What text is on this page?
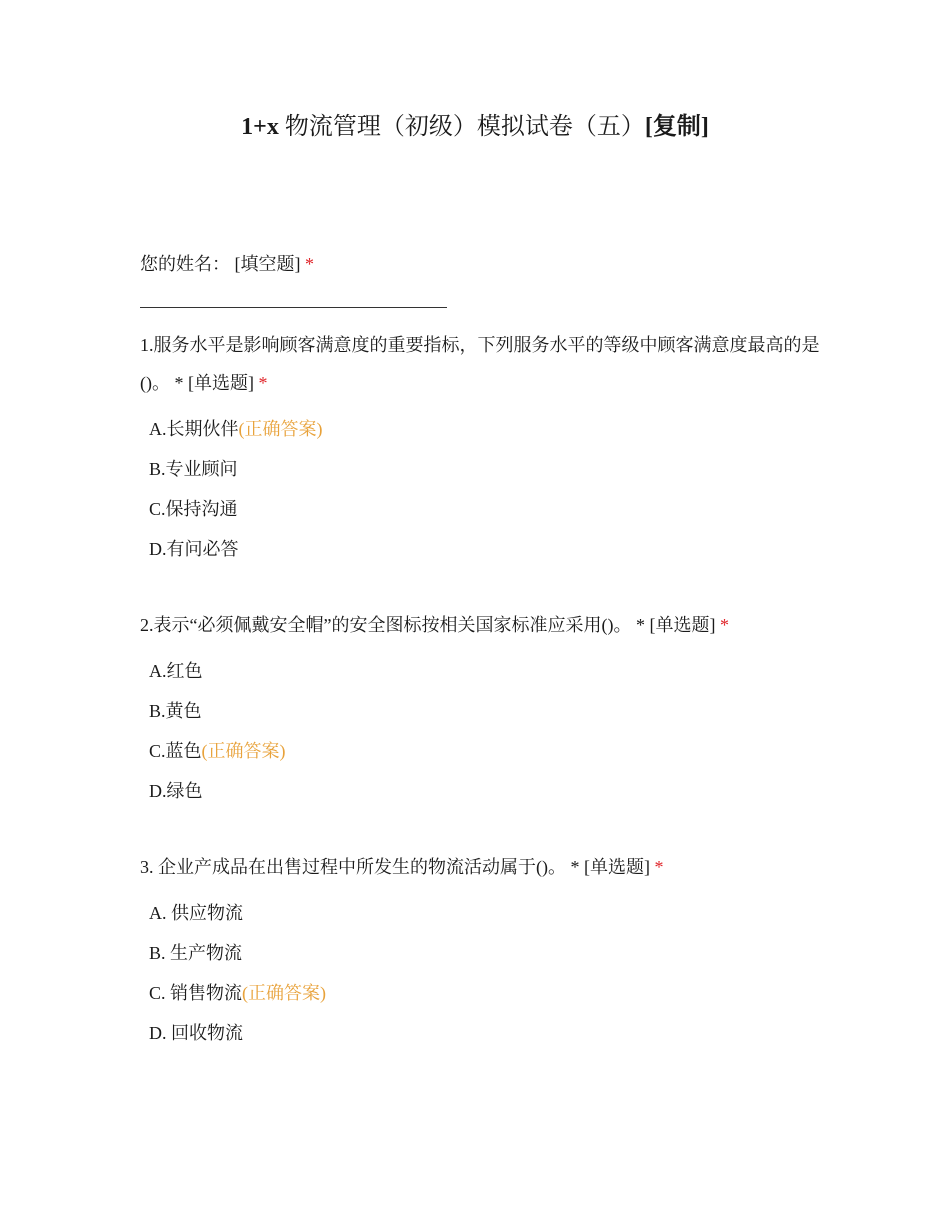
1+x 物流管理（初级）模拟试卷（五）[复制]
您的姓名： [填空题] *
1.服务水平是影响顾客满意度的重要指标，下列服务水平的等级中顾客满意度最高的是()。 * [单选题] *
A.长期伙伴(正确答案)
B.专业顾问
C.保持沟通
D.有问必答
2.表示“必须佩戴安全帽”的安全图标按相关国家标准应采用()。 * [单选题] *
A.红色
B.黄色
C.蓝色(正确答案)
D.绿色
3. 企业产成品在出售过程中所发生的物流活动属于()。 * [单选题] *
A. 供应物流
B. 生产物流
C. 销售物流(正确答案)
D. 回收物流
